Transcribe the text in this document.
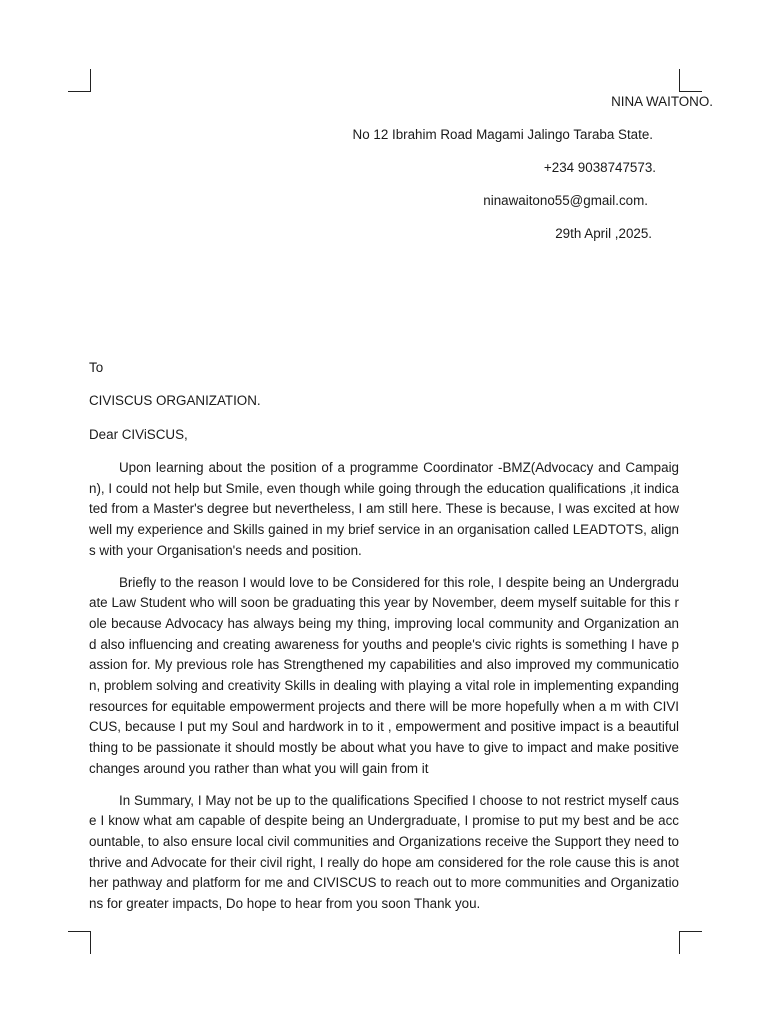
NINA WAITONO.
No 12 Ibrahim Road Magami Jalingo Taraba State.
+234 9038747573.
ninawaitono55@gmail.com.
29th April ,2025.
To
CIVISCUS ORGANIZATION.
Dear CIViSCUS,

Upon learning about the position of a programme Coordinator -BMZ(Advocacy and Campaign), I could not help but Smile, even though while going through the education qualifications ,it indicated from a Master's degree but nevertheless, I am still here. These is because, I was excited at how well my experience and Skills gained in my brief service in an organisation called LEADTOTS, aligns with your Organisation's needs and position.

Briefly to the reason I would love to be Considered for this role, I despite being an Undergraduate Law Student who will soon be graduating this year by November, deem myself suitable for this role because Advocacy has always being my thing, improving local community and Organization and also influencing and creating awareness for youths and people's civic rights is something I have passion for. My previous role has Strengthened my capabilities and also improved my communication, problem solving and creativity Skills in dealing with playing a vital role in implementing expanding resources for equitable empowerment projects and there will be more hopefully when a m with CIVICUS, because I put my Soul and hardwork in to it , empowerment and positive impact is a beautiful thing to be passionate it should mostly be about what you have to give to impact and make positive changes around you rather than what you will gain from it

In Summary, I May not be up to the qualifications Specified I choose to not restrict myself cause I know what am capable of despite being an Undergraduate, I promise to put my best and be accountable, to also ensure local civil communities and Organizations receive the Support they need to thrive and Advocate for their civil right, I really do hope am considered for the role cause this is another pathway and platform for me and CIVISCUS to reach out to more communities and Organizations for greater impacts, Do hope to hear from you soon Thank you.
